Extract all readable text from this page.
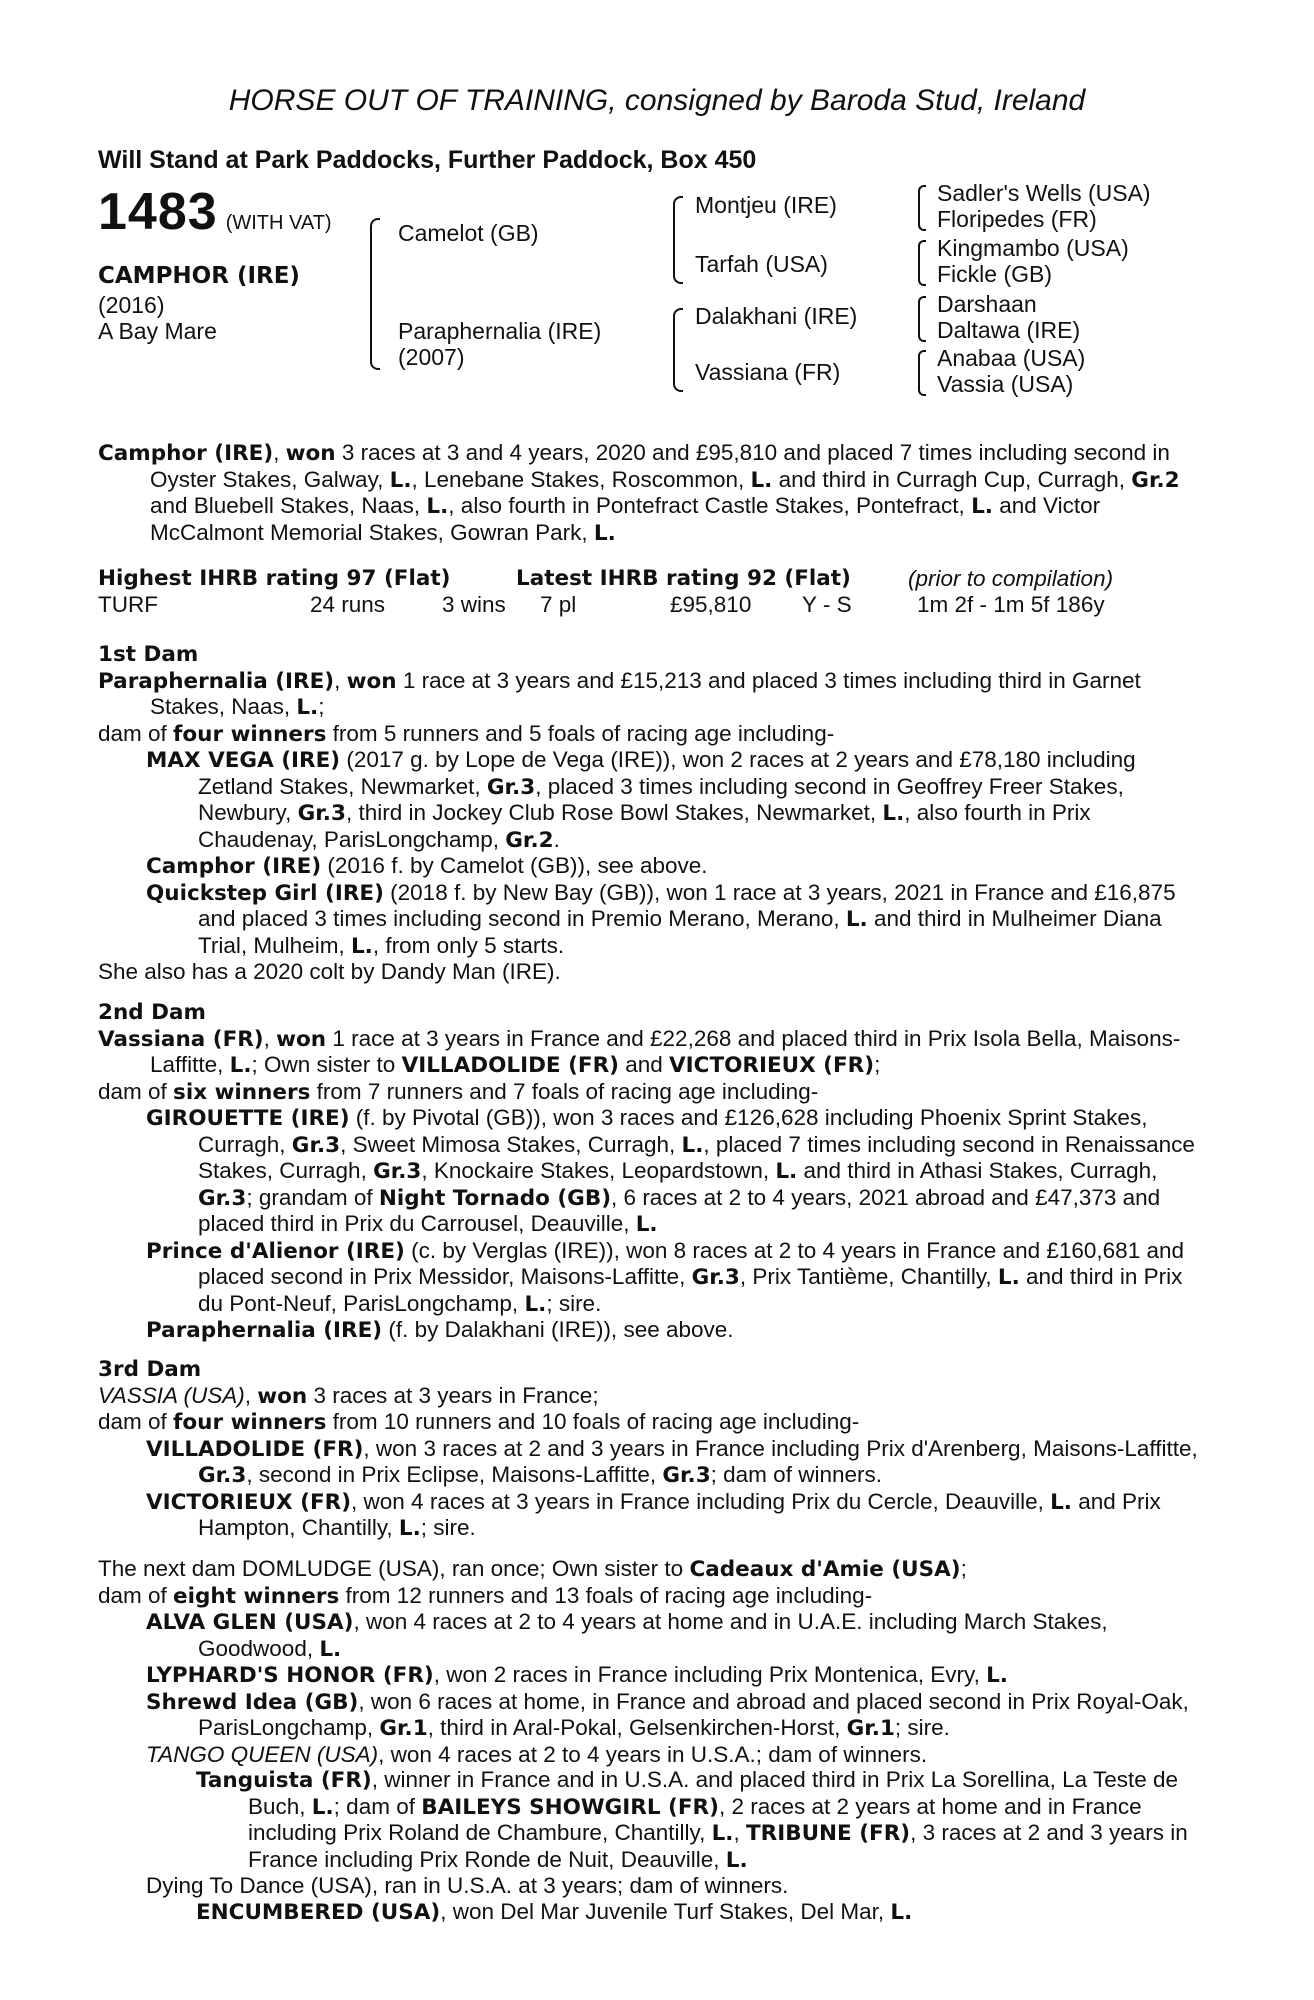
HORSE OUT OF TRAINING, consigned by Baroda Stud, Ireland
Will Stand at Park Paddocks, Further Paddock, Box 450
1483 (WITH VAT)
CAMPHOR (IRE)
(2016)
A Bay Mare
Camelot (GB)
Paraphernalia (IRE)
(2007)
Montjeu (IRE)
Tarfah (USA)
Dalakhani (IRE)
Vassiana (FR)
Sadler's Wells (USA)
Floripedes (FR)
Kingmambo (USA)
Fickle (GB)
Darshaan
Daltawa (IRE)
Anabaa (USA)
Vassia (USA)

Camphor (IRE), won 3 races at 3 and 4 years, 2020 and £95,810 and placed 7 times including second in Oyster Stakes, Galway, L., Lenebane Stakes, Roscommon, L. and third in Curragh Cup, Curragh, Gr.2 and Bluebell Stakes, Naas, L., also fourth in Pontefract Castle Stakes, Pontefract, L. and Victor McCalmont Memorial Stakes, Gowran Park, L.

Highest IHRB rating 97 (Flat)	Latest IHRB rating 92 (Flat)	(prior to compilation)
TURF	24 runs	3 wins 7 pl	£95,810 Y - S	1m 2f - 1m 5f 186y

1st Dam

Paraphernalia (IRE), won 1 race at 3 years and £15,213 and placed 3 times including third in Garnet Stakes, Naas, L.;

dam of four winners from 5 runners and 5 foals of racing age including-

MAX VEGA (IRE) (2017 g. by Lope de Vega (IRE)), won 2 races at 2 years and £78,180 including Zetland Stakes, Newmarket, Gr.3, placed 3 times including second in Geoffrey Freer Stakes, Newbury, Gr.3, third in Jockey Club Rose Bowl Stakes, Newmarket, L., also fourth in Prix Chaudenay, ParisLongchamp, Gr.2.

Camphor (IRE) (2016 f. by Camelot (GB)), see above.

Quickstep Girl (IRE) (2018 f. by New Bay (GB)), won 1 race at 3 years, 2021 in France and £16,875 and placed 3 times including second in Premio Merano, Merano, L. and third in Mulheimer Diana Trial, Mulheim, L., from only 5 starts.

She also has a 2020 colt by Dandy Man (IRE).

2nd Dam

Vassiana (FR), won 1 race at 3 years in France and £22,268 and placed third in Prix Isola Bella, Maisons-Laffitte, L.; Own sister to VILLADOLIDE (FR) and VICTORIEUX (FR);

dam of six winners from 7 runners and 7 foals of racing age including-

GIROUETTE (IRE) (f. by Pivotal (GB)), won 3 races and £126,628 including Phoenix Sprint Stakes, Curragh, Gr.3, Sweet Mimosa Stakes, Curragh, L., placed 7 times including second in Renaissance Stakes, Curragh, Gr.3, Knockaire Stakes, Leopardstown, L. and third in Athasi Stakes, Curragh, Gr.3; grandam of Night Tornado (GB), 6 races at 2 to 4 years, 2021 abroad and £47,373 and placed third in Prix du Carrousel, Deauville, L.

Prince d'Alienor (IRE) (c. by Verglas (IRE)), won 8 races at 2 to 4 years in France and £160,681 and placed second in Prix Messidor, Maisons-Laffitte, Gr.3, Prix Tantième, Chantilly, L. and third in Prix du Pont-Neuf, ParisLongchamp, L.; sire.

Paraphernalia (IRE) (f. by Dalakhani (IRE)), see above.

3rd Dam

VASSIA (USA), won 3 races at 3 years in France;

dam of four winners from 10 runners and 10 foals of racing age including-

VILLADOLIDE (FR), won 3 races at 2 and 3 years in France including Prix d'Arenberg, Maisons-Laffitte, Gr.3, second in Prix Eclipse, Maisons-Laffitte, Gr.3; dam of winners.

VICTORIEUX (FR), won 4 races at 3 years in France including Prix du Cercle, Deauville, L. and Prix Hampton, Chantilly, L.; sire.

The next dam DOMLUDGE (USA), ran once; Own sister to Cadeaux d'Amie (USA);

dam of eight winners from 12 runners and 13 foals of racing age including-

ALVA GLEN (USA), won 4 races at 2 to 4 years at home and in U.A.E. including March Stakes, Goodwood, L.

LYPHARD'S HONOR (FR), won 2 races in France including Prix Montenica, Evry, L.

Shrewd Idea (GB), won 6 races at home, in France and abroad and placed second in Prix Royal-Oak, ParisLongchamp, Gr.1, third in Aral-Pokal, Gelsenkirchen-Horst, Gr.1; sire.

TANGO QUEEN (USA), won 4 races at 2 to 4 years in U.S.A.; dam of winners.

Tanguista (FR), winner in France and in U.S.A. and placed third in Prix La Sorellina, La Teste de Buch, L.; dam of BAILEYS SHOWGIRL (FR), 2 races at 2 years at home and in France including Prix Roland de Chambure, Chantilly, L., TRIBUNE (FR), 3 races at 2 and 3 years in France including Prix Ronde de Nuit, Deauville, L.

Dying To Dance (USA), ran in U.S.A. at 3 years; dam of winners.

ENCUMBERED (USA), won Del Mar Juvenile Turf Stakes, Del Mar, L.
